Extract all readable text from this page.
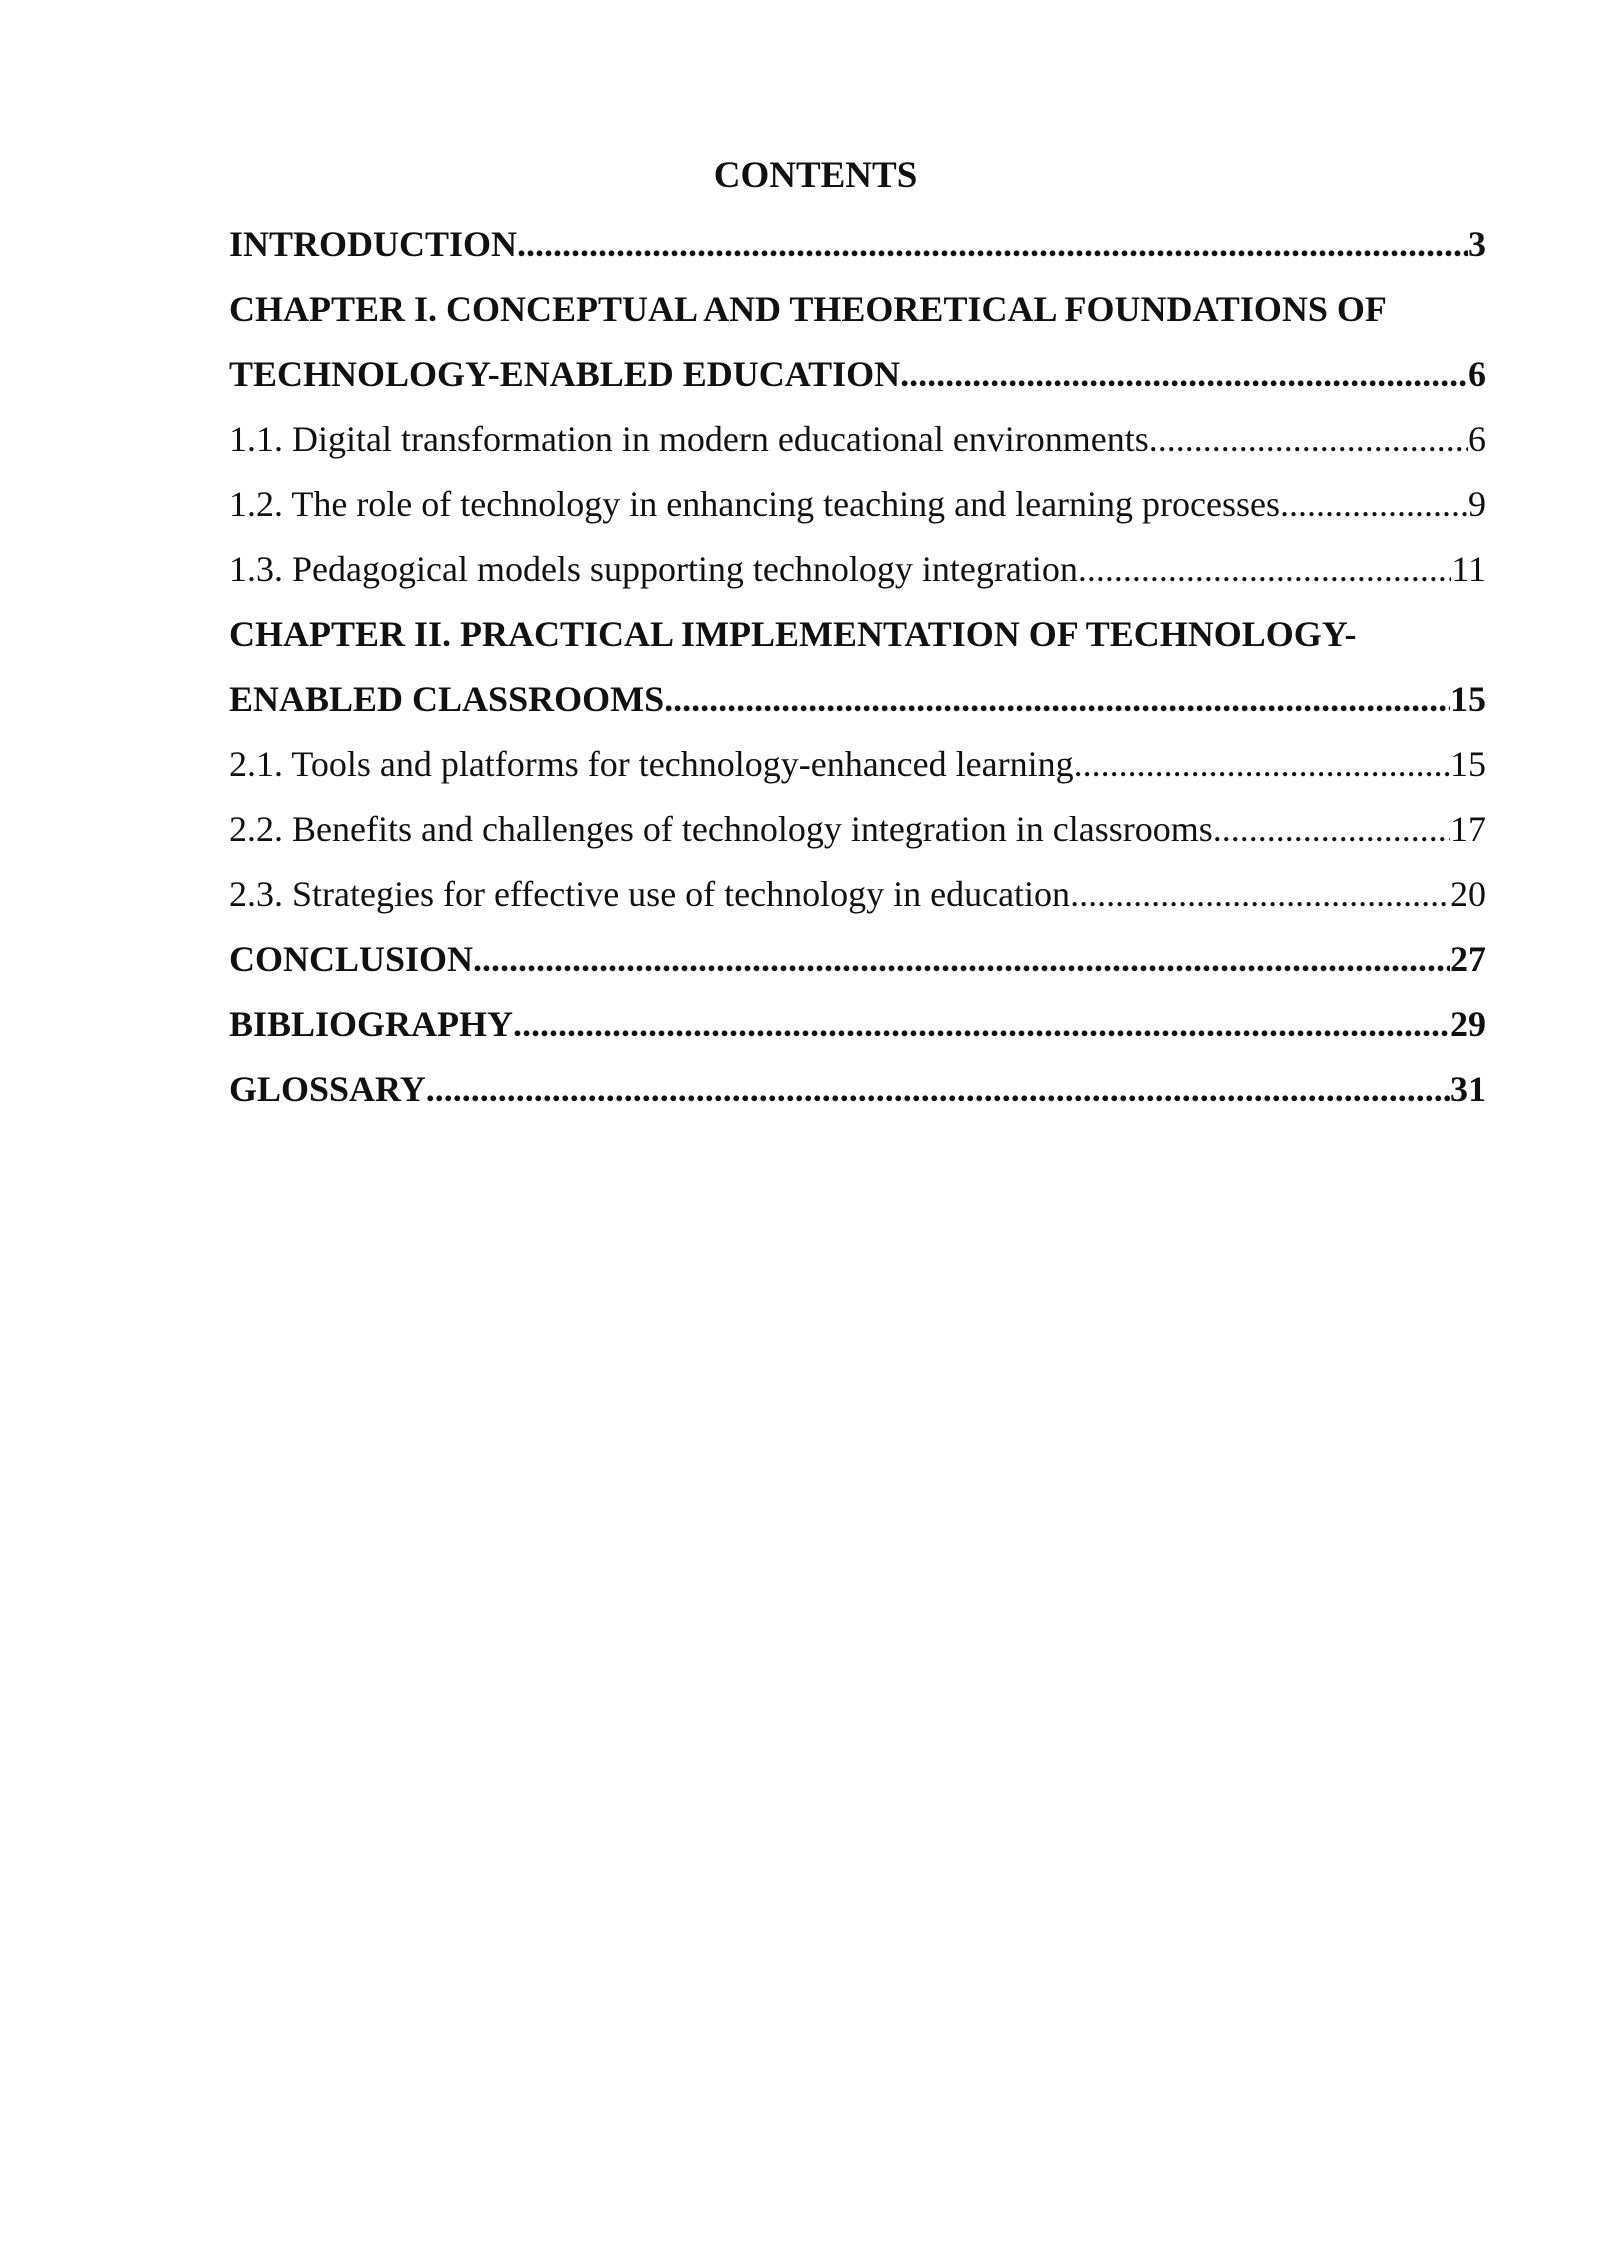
CONTENTS
INTRODUCTION .....	3
CHAPTER I. CONCEPTUAL AND THEORETICAL FOUNDATIONS OF
TECHNOLOGY-ENABLED EDUCATION .....	6
1.1. Digital transformation in modern educational environments .....	6
1.2. The role of technology in enhancing teaching and learning processes .....	9
1.3. Pedagogical models supporting technology integration .....	11
CHAPTER II. PRACTICAL IMPLEMENTATION OF TECHNOLOGY-
ENABLED CLASSROOMS .....	15
2.1. Tools and platforms for technology-enhanced learning .....	15
2.2. Benefits and challenges of technology integration in classrooms .....	17
2.3. Strategies for effective use of technology in education .....	20
CONCLUSION .....	27
BIBLIOGRAPHY .....	29
GLOSSARY .....	31
